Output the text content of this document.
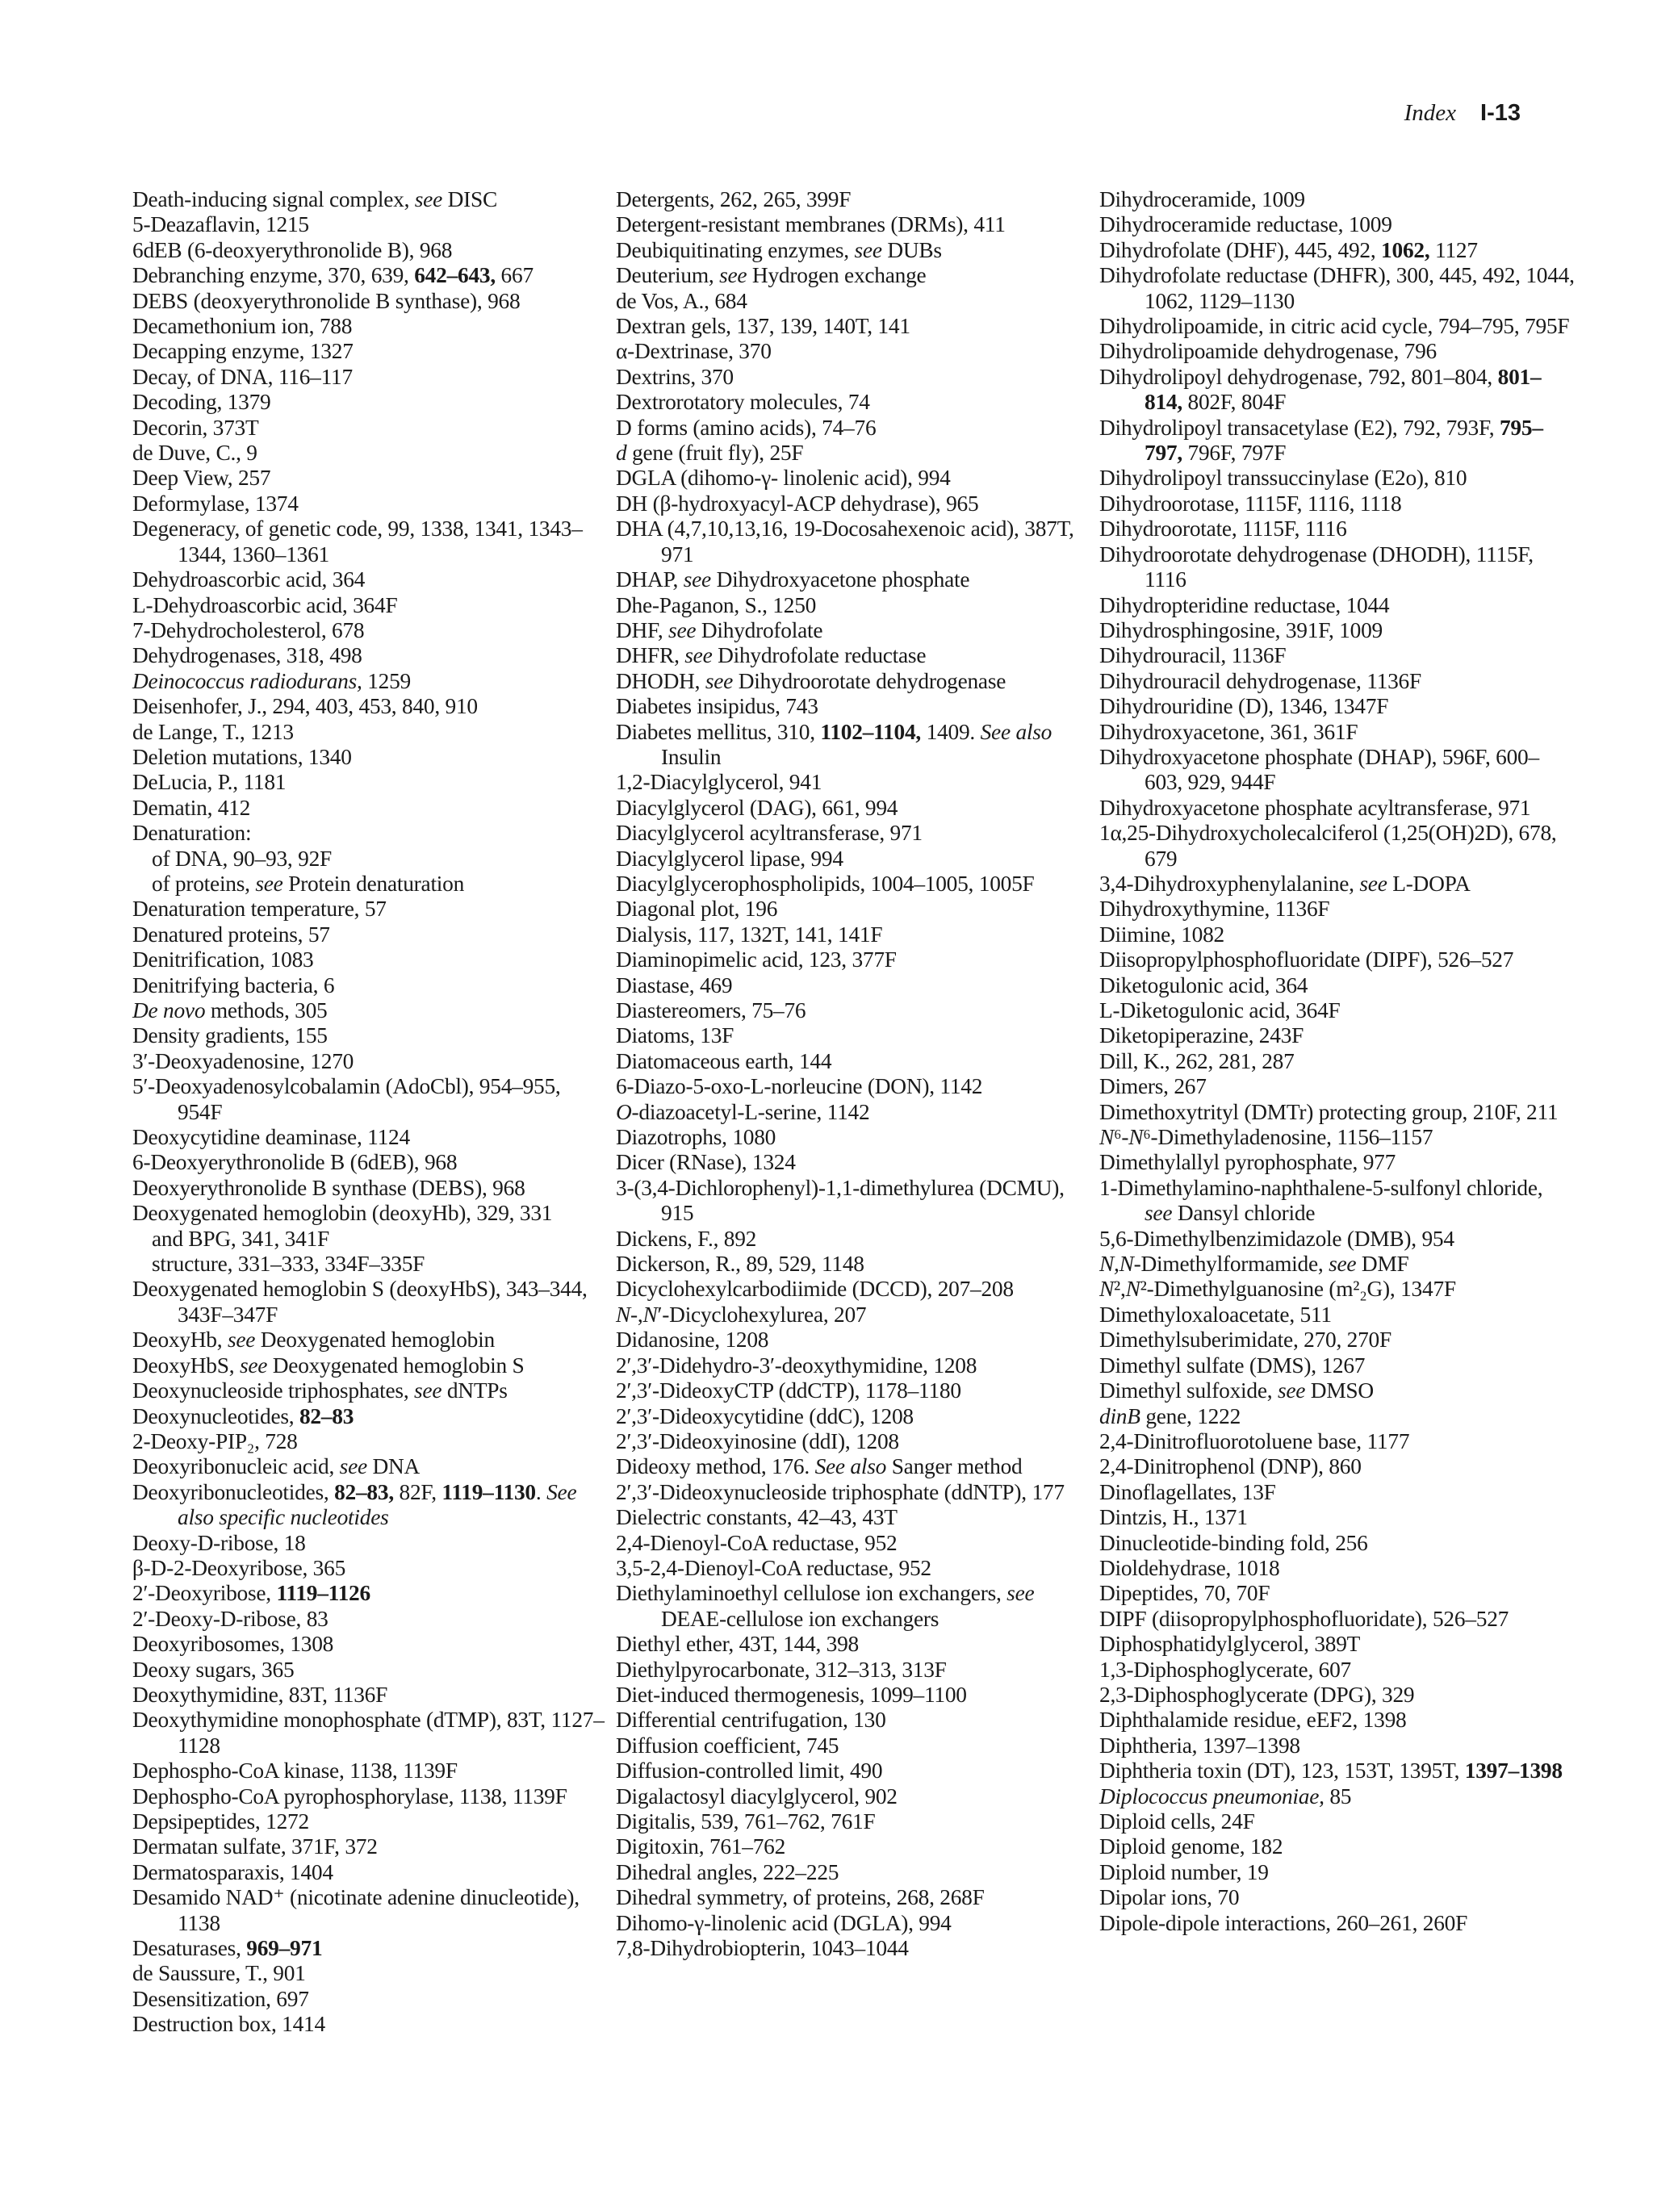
Index I-13
Death-inducing signal complex, see DISC
5-Deazaflavin, 1215
6dEB (6-deoxyerythronolide B), 968
Debranching enzyme, 370, 639, 642–643, 667
DEBS (deoxyerythronolide B synthase), 968
Decamethonium ion, 788
Decapping enzyme, 1327
Decay, of DNA, 116–117
Decoding, 1379
Decorin, 373T
de Duve, C., 9
Deep View, 257
Deformylase, 1374
Degeneracy, of genetic code, 99, 1338, 1341, 1343–1344, 1360–1361
Dehydroascorbic acid, 364
L-Dehydroascorbic acid, 364F
7-Dehydrocholesterol, 678
Dehydrogenases, 318, 498
Deinococcus radiodurans, 1259
Deisenhofer, J., 294, 403, 453, 840, 910
de Lange, T., 1213
Deletion mutations, 1340
DeLucia, P., 1181
Dematin, 412
Denaturation:
of DNA, 90–93, 92F
of proteins, see Protein denaturation
Denaturation temperature, 57
Denatured proteins, 57
Denitrification, 1083
Denitrifying bacteria, 6
De novo methods, 305
Density gradients, 155
3′-Deoxyadenosine, 1270
5′-Deoxyadenosylcobalamin (AdoCbl), 954–955, 954F
Deoxycytidine deaminase, 1124
6-Deoxyerythronolide B (6dEB), 968
Deoxyerythronolide B synthase (DEBS), 968
Deoxygenated hemoglobin (deoxyHb), 329, 331
and BPG, 341, 341F
structure, 331–333, 334F–335F
Deoxygenated hemoglobin S (deoxyHbS), 343–344, 343F–347F
DeoxyHb, see Deoxygenated hemoglobin
DeoxyHbS, see Deoxygenated hemoglobin S
Deoxynucleoside triphosphates, see dNTPs
Deoxynucleotides, 82–83
2-Deoxy-PIP₂, 728
Deoxyribonucleic acid, see DNA
Deoxyribonucleotides, 82–83, 82F, 1119–1130. See also specific nucleotides
Deoxy-D-ribose, 18
β-D-2-Deoxyribose, 365
2′-Deoxyribose, 1119–1126
2′-Deoxy-D-ribose, 83
Deoxyribosomes, 1308
Deoxy sugars, 365
Deoxythymidine, 83T, 1136F
Deoxythymidine monophosphate (dTMP), 83T, 1127–1128
Dephospho-CoA kinase, 1138, 1139F
Dephospho-CoA pyrophosphorylase, 1138, 1139F
Depsipeptides, 1272
Dermatan sulfate, 371F, 372
Dermatosparaxis, 1404
Desamido NAD⁺ (nicotinate adenine dinucleotide), 1138
Desaturases, 969–971
de Saussure, T., 901
Desensitization, 697
Destruction box, 1414
Detergents, 262, 265, 399F
Detergent-resistant membranes (DRMs), 411
Deubiquitinating enzymes, see DUBs
Deuterium, see Hydrogen exchange
de Vos, A., 684
Dextran gels, 137, 139, 140T, 141
α-Dextrinase, 370
Dextrins, 370
Dextrorotatory molecules, 74
D forms (amino acids), 74–76
d gene (fruit fly), 25F
DGLA (dihomo-γ- linolenic acid), 994
DH (β-hydroxyacyl-ACP dehydrase), 965
DHA (4,7,10,13,16, 19-Docosahexenoic acid), 387T, 971
DHAP, see Dihydroxyacetone phosphate
Dhe-Paganon, S., 1250
DHF, see Dihydrofolate
DHFR, see Dihydrofolate reductase
DHODH, see Dihydroorotate dehydrogenase
Diabetes insipidus, 743
Diabetes mellitus, 310, 1102–1104, 1409. See also Insulin
1,2-Diacylglycerol, 941
Diacylglycerol (DAG), 661, 994
Diacylglycerol acyltransferase, 971
Diacylglycerol lipase, 994
Diacylglycerophospholipids, 1004–1005, 1005F
Diagonal plot, 196
Dialysis, 117, 132T, 141, 141F
Diaminopimelic acid, 123, 377F
Diastase, 469
Diastereomers, 75–76
Diatoms, 13F
Diatomaceous earth, 144
6-Diazo-5-oxo-L-norleucine (DON), 1142
O-diazoacetyl-L-serine, 1142
Diazotrophs, 1080
Dicer (RNase), 1324
3-(3,4-Dichlorophenyl)-1,1-dimethylurea (DCMU), 915
Dickens, F., 892
Dickerson, R., 89, 529, 1148
Dicyclohexylcarbodiimide (DCCD), 207–208
N-,N′-Dicyclohexylurea, 207
Didanosine, 1208
2′,3′-Didehydro-3′-deoxythymidine, 1208
2′,3′-DideoxyCTP (ddCTP), 1178–1180
2′,3′-Dideoxycytidine (ddC), 1208
2′,3′-Dideoxyinosine (ddI), 1208
Dideoxy method, 176. See also Sanger method
2′,3′-Dideoxynucleoside triphosphate (ddNTP), 177
Dielectric constants, 42–43, 43T
2,4-Dienoyl-CoA reductase, 952
3,5-2,4-Dienoyl-CoA reductase, 952
Diethylaminoethyl cellulose ion exchangers, see DEAE-cellulose ion exchangers
Diethyl ether, 43T, 144, 398
Diethylpyrocarbonate, 312–313, 313F
Diet-induced thermogenesis, 1099–1100
Differential centrifugation, 130
Diffusion coefficient, 745
Diffusion-controlled limit, 490
Digalactosyl diacylglycerol, 902
Digitalis, 539, 761–762, 761F
Digitoxin, 761–762
Dihedral angles, 222–225
Dihedral symmetry, of proteins, 268, 268F
Dihomo-γ-linolenic acid (DGLA), 994
7,8-Dihydrobiopterin, 1043–1044
Dihydroceramide, 1009
Dihydroceramide reductase, 1009
Dihydrofolate (DHF), 445, 492, 1062, 1127
Dihydrofolate reductase (DHFR), 300, 445, 492, 1044, 1062, 1129–1130
Dihydrolipoamide, in citric acid cycle, 794–795, 795F
Dihydrolipoamide dehydrogenase, 796
Dihydrolipoyl dehydrogenase, 792, 801–804, 801–814, 802F, 804F
Dihydrolipoyl transacetylase (E2), 792, 793F, 795–797, 796F, 797F
Dihydrolipoyl transsuccinylase (E2o), 810
Dihydroorotase, 1115F, 1116, 1118
Dihydroorotate, 1115F, 1116
Dihydroorotate dehydrogenase (DHODH), 1115F, 1116
Dihydropteridine reductase, 1044
Dihydrosphingosine, 391F, 1009
Dihydrouracil, 1136F
Dihydrouracil dehydrogenase, 1136F
Dihydrouridine (D), 1346, 1347F
Dihydroxyacetone, 361, 361F
Dihydroxyacetone phosphate (DHAP), 596F, 600–603, 929, 944F
Dihydroxyacetone phosphate acyltransferase, 971
1α,25-Dihydroxycholecalciferol (1,25(OH)2D), 678, 679
3,4-Dihydroxyphenylalanine, see L-DOPA
Dihydroxythymine, 1136F
Diimine, 1082
Diisopropylphosphofluoridate (DIPF), 526–527
Diketogulonic acid, 364
L-Diketogulonic acid, 364F
Diketopiperazine, 243F
Dill, K., 262, 281, 287
Dimers, 267
Dimethoxytrityl (DMTr) protecting group, 210F, 211
N⁶-N⁶-Dimethyladenosine, 1156–1157
Dimethylallyl pyrophosphate, 977
1-Dimethylamino-naphthalene-5-sulfonyl chloride, see Dansyl chloride
5,6-Dimethylbenzimidazole (DMB), 954
N,N-Dimethylformamide, see DMF
N²,N²-Dimethylguanosine (m²₂G), 1347F
Dimethyloxaloacetate, 511
Dimethylsuberimidate, 270, 270F
Dimethyl sulfate (DMS), 1267
Dimethyl sulfoxide, see DMSO
dinB gene, 1222
2,4-Dinitrofluorotoluene base, 1177
2,4-Dinitrophenol (DNP), 860
Dinoflagellates, 13F
Dintzis, H., 1371
Dinucleotide-binding fold, 256
Dioldehydrase, 1018
Dipeptides, 70, 70F
DIPF (diisopropylphosphofluoridate), 526–527
Diphosphatidylglycerol, 389T
1,3-Diphosphoglycerate, 607
2,3-Diphosphoglycerate (DPG), 329
Diphthalamide residue, eEF2, 1398
Diphtheria, 1397–1398
Diphtheria toxin (DT), 123, 153T, 1395T, 1397–1398
Diplococcus pneumoniae, 85
Diploid cells, 24F
Diploid genome, 182
Diploid number, 19
Dipolar ions, 70
Dipole-dipole interactions, 260–261, 260F
